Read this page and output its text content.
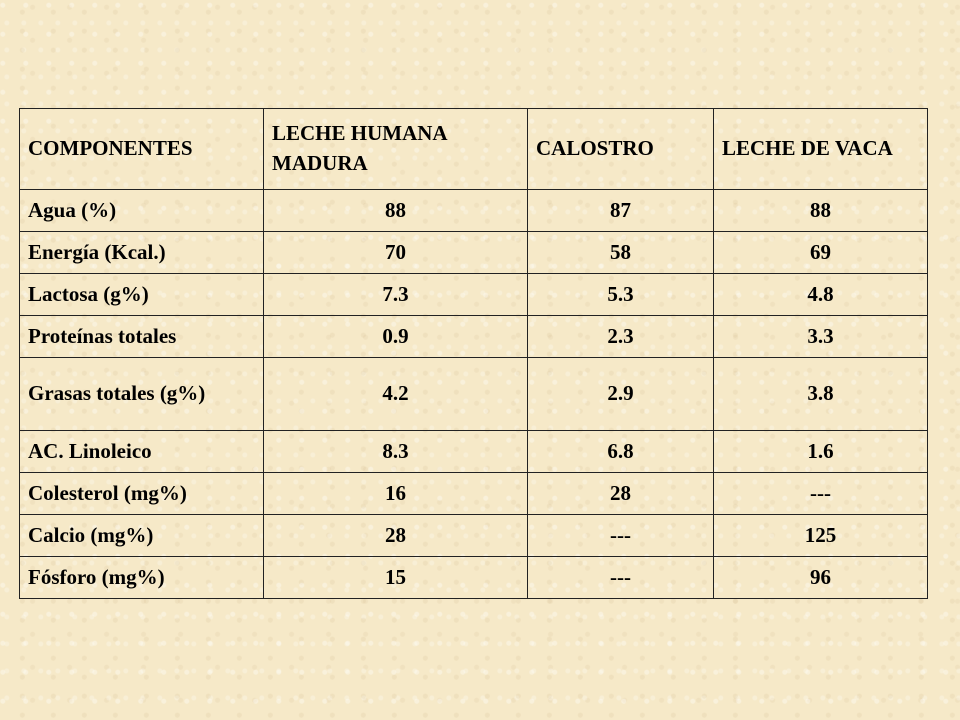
COMPONENTES	LECHE HUMANA MADURA	CALOSTRO	LECHE DE VACA
Agua (%)	88	87	88
Energía (Kcal.)	70	58	69
Lactosa (g%)	7.3	5.3	4.8
Proteínas totales	0.9	2.3	3.3
Grasas totales (g%)	4.2	2.9	3.8
AC. Linoleico	8.3	6.8	1.6
Colesterol (mg%)	16	28	---
Calcio (mg%)	28	---	125
Fósforo (mg%)	15	---	96
